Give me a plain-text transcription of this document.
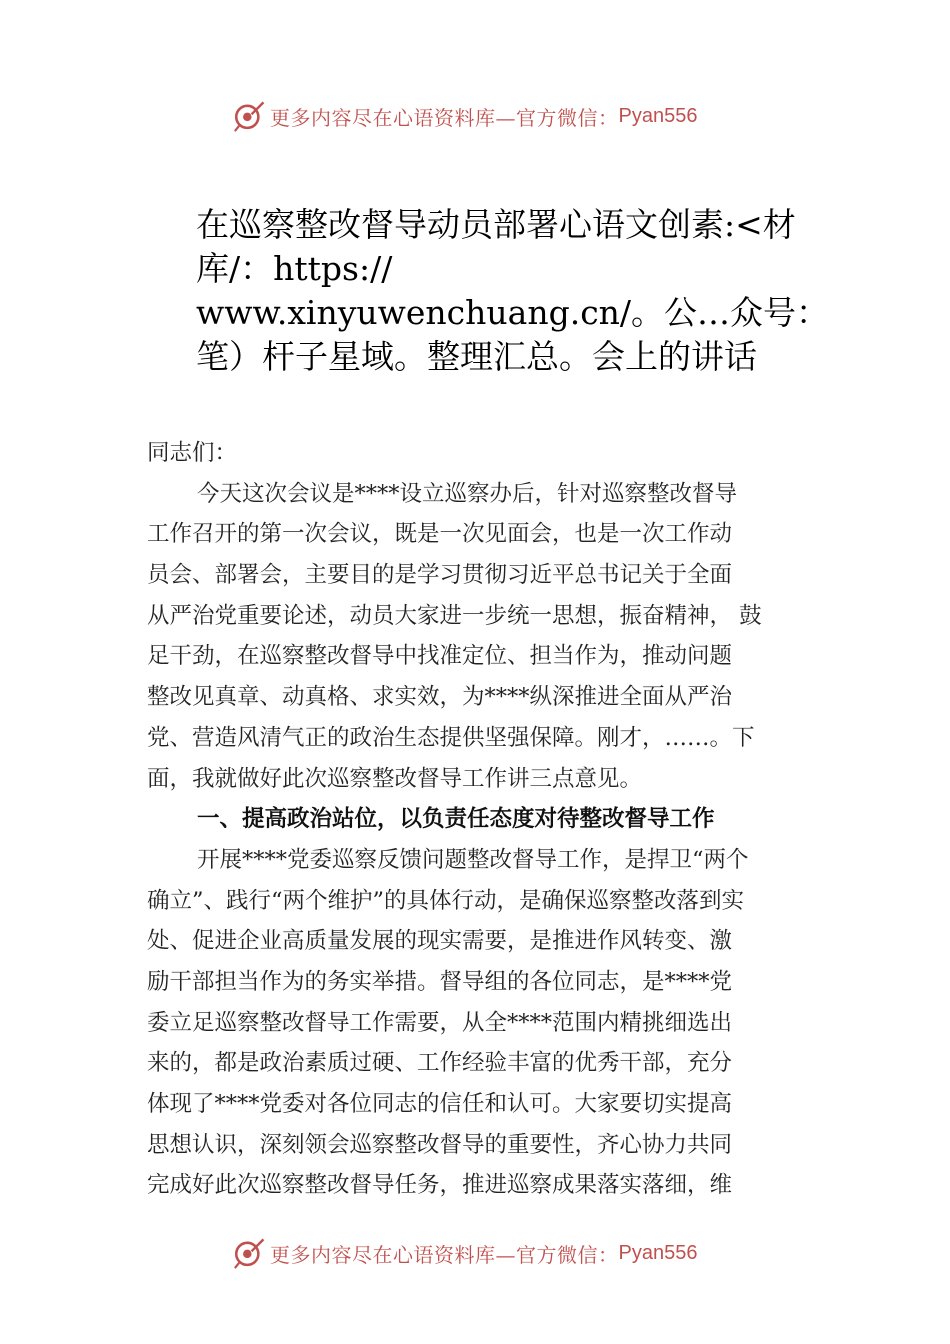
更多内容尽在心语资料库—官方微信： Pyan556
在巡察整改督导动员部署心语文创素:<材
库/：https://
www.xinyuwenchuang.cn/。公…众号：
笔）杆子星域。整理汇总。会上的讲话
同志们：
今天这次会议是****设立巡察办后，针对巡察整改督导
工作召开的第一次会议，既是一次见面会，也是一次工作动
员会、部署会，主要目的是学习贯彻习近平总书记关于全面
从严治党重要论述，动员大家进一步统一思想，振奋精神， 鼓
足干劲，在巡察整改督导中找准定位、担当作为，推动问题
整改见真章、动真格、求实效，为****纵深推进全面从严治
党、营造风清气正的政治生态提供坚强保障。刚才，……。下
面，我就做好此次巡察整改督导工作讲三点意见。
一、提高政治站位，以负责任态度对待整改督导工作
开展****党委巡察反馈问题整改督导工作，是捍卫“两个
确立”、践行“两个维护”的具体行动，是确保巡察整改落到实
处、促进企业高质量发展的现实需要，是推进作风转变、激
励干部担当作为的务实举措。督导组的各位同志，是****党
委立足巡察整改督导工作需要，从全****范围内精挑细选出
来的，都是政治素质过硬、工作经验丰富的优秀干部，充分
体现了****党委对各位同志的信任和认可。大家要切实提高
思想认识，深刻领会巡察整改督导的重要性，齐心协力共同
完成好此次巡察整改督导任务，推进巡察成果落实落细，维
更多内容尽在心语资料库—官方微信： Pyan556
